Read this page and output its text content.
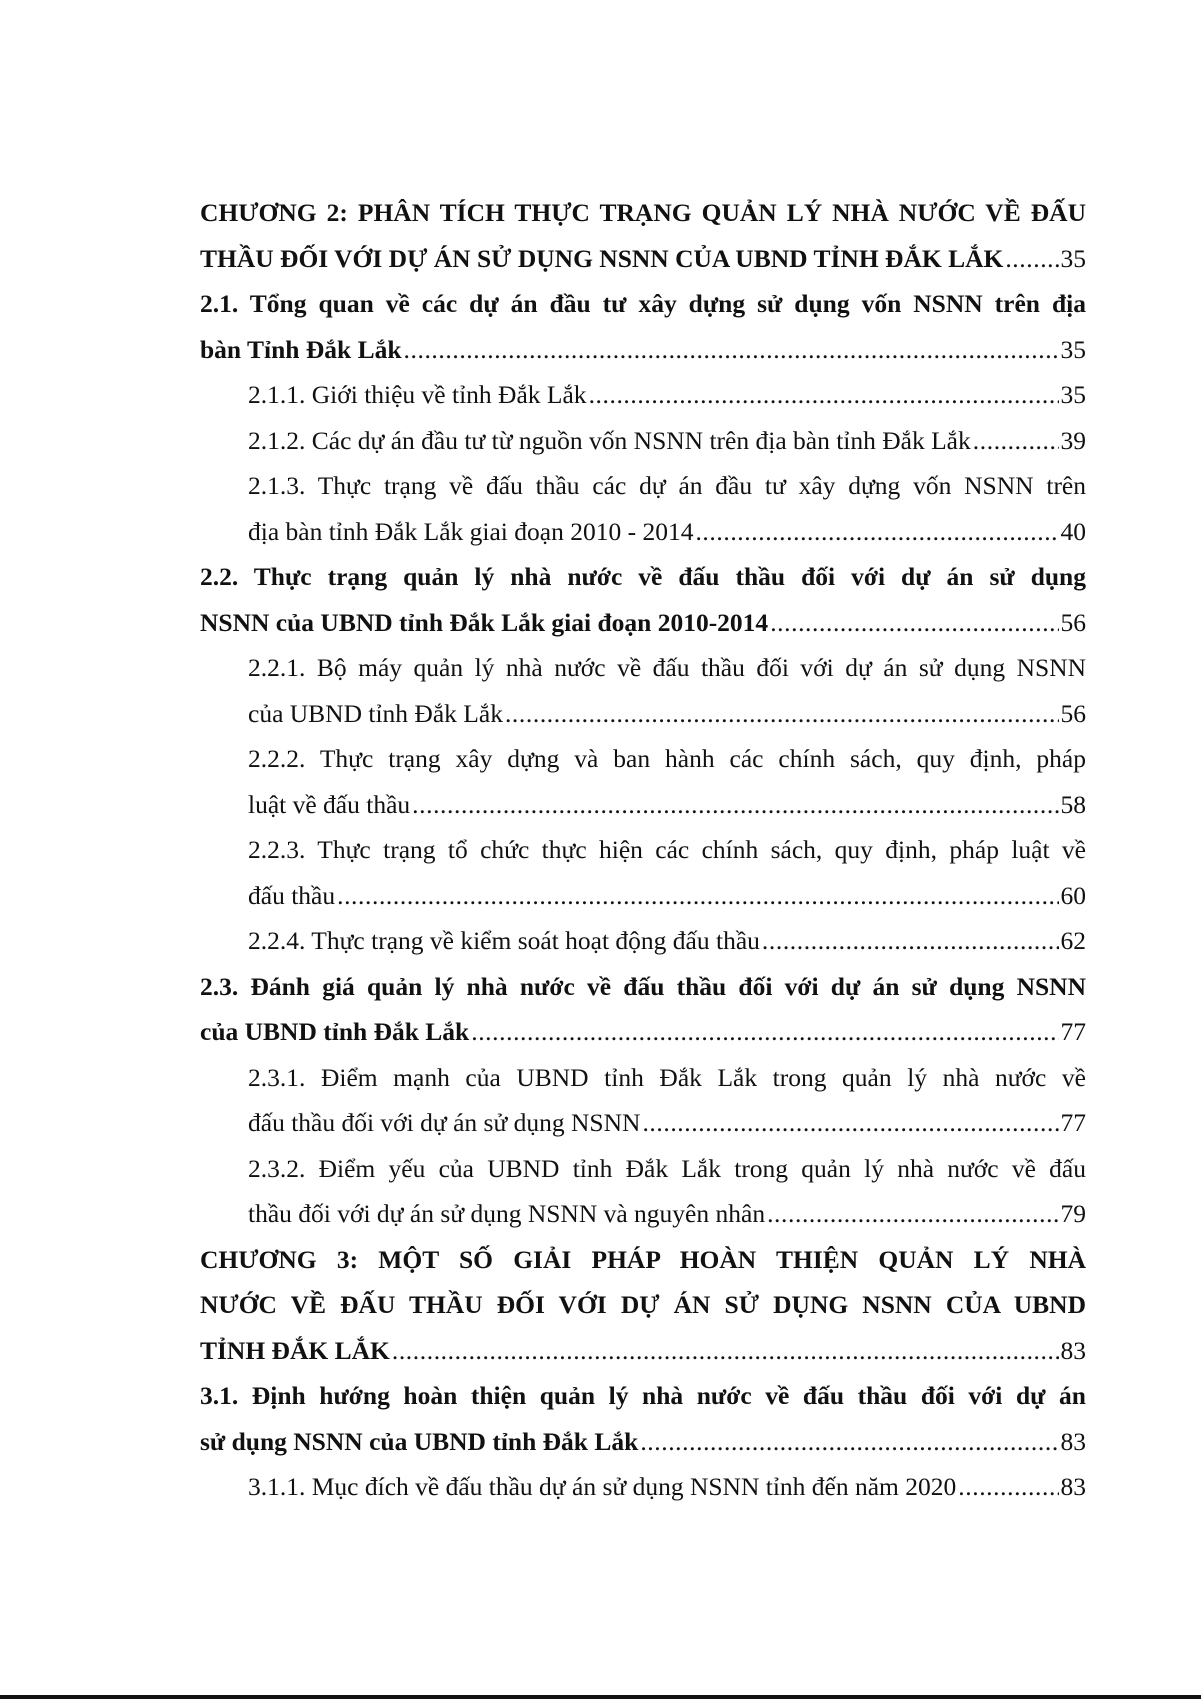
CHƯƠNG 2: PHÂN TÍCH THỰC TRẠNG QUẢN LÝ NHÀ NƯỚC VỀ ĐẤU
THẦU ĐỐI VỚI DỰ ÁN SỬ DỤNG NSNN CỦA UBND TỈNH ĐẮK LẮK ..... 35
2.1. Tổng quan về các dự án đầu tư xây dựng sử dụng vốn NSNN trên địa
bàn Tỉnh Đắk Lắk .....	35
2.1.1. Giới thiệu về tỉnh Đắk Lắk .....	35
2.1.2. Các dự án đầu tư từ nguồn vốn NSNN trên địa bàn tỉnh Đắk Lắk .....	39
2.1.3. Thực trạng về đấu thầu các dự án đầu tư xây dựng vốn NSNN trên
địa bàn tỉnh Đắk Lắk giai đoạn 2010 - 2014 .....	40
2.2. Thực trạng quản lý nhà nước về đấu thầu đối với dự án sử dụng
NSNN của UBND tỉnh Đắk Lắk giai đoạn 2010-2014 .....	56
2.2.1. Bộ máy quản lý nhà nước về đấu thầu đối với dự án sử dụng NSNN
của UBND tỉnh Đắk Lắk .....	56
2.2.2. Thực trạng xây dựng và ban hành các chính sách, quy định, pháp
luật về đấu thầu .....	58
2.2.3. Thực trạng tổ chức thực hiện các chính sách, quy định, pháp luật về
đấu thầu .....	60
2.2.4. Thực trạng về kiểm soát hoạt động đấu thầu .....	62
2.3. Đánh giá quản lý nhà nước về đấu thầu đối với dự án sử dụng NSNN
của UBND tỉnh Đắk Lắk .....	77
2.3.1. Điểm mạnh của UBND tỉnh Đắk Lắk trong quản lý nhà nước về
đấu thầu đối với dự án sử dụng NSNN .....	77
2.3.2. Điểm yếu của UBND tỉnh Đắk Lắk trong quản lý nhà nước về đấu
thầu đối với dự án sử dụng NSNN và nguyên nhân .....	79
CHƯƠNG 3: MỘT SỐ GIẢI PHÁP HOÀN THIỆN QUẢN LÝ NHÀ
NƯỚC VỀ ĐẤU THẦU ĐỐI VỚI DỰ ÁN SỬ DỤNG NSNN CỦA UBND
TỈNH ĐẮK LẮK .....	83
3.1. Định hướng hoàn thiện quản lý nhà nước về đấu thầu đối với dự án
sử dụng NSNN của UBND tỉnh Đắk Lắk .....	83
3.1.1. Mục đích về đấu thầu dự án sử dụng NSNN tỉnh đến năm 2020 .....	83
